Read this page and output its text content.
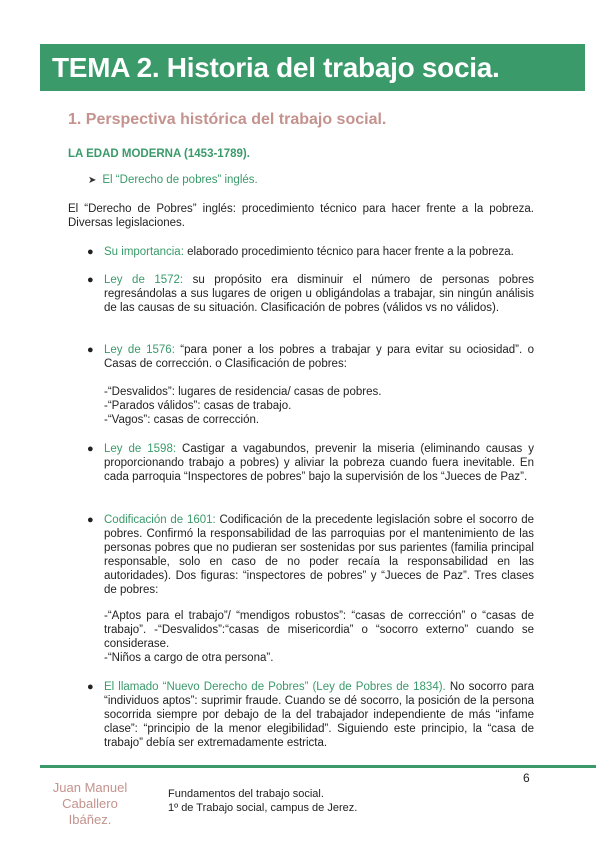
TEMA 2. Historia del trabajo socia.
1. Perspectiva histórica del trabajo social.
LA EDAD MODERNA (1453-1789).
➤ El “Derecho de pobres” inglés.

El “Derecho de Pobres” inglés: procedimiento técnico para hacer frente a la pobreza. Diversas legislaciones.

● Su importancia: elaborado procedimiento técnico para hacer frente a la pobreza.

● Ley de 1572: su propósito era disminuir el número de personas pobres regresándolas a sus lugares de origen u obligándolas a trabajar, sin ningún análisis de las causas de su situación. Clasificación de pobres (válidos vs no válidos).

● Ley de 1576: “para poner a los pobres a trabajar y para evitar su ociosidad”. o Casas de corrección. o Clasificación de pobres:

-“Desvalidos”: lugares de residencia/ casas de pobres.
-“Parados válidos”: casas de trabajo.
-“Vagos”: casas de corrección.

● Ley de 1598: Castigar a vagabundos, prevenir la miseria (eliminando causas y proporcionando trabajo a pobres) y aliviar la pobreza cuando fuera inevitable. En cada parroquia “Inspectores de pobres” bajo la supervisión de los “Jueces de Paz”.

● Codificación de 1601: Codificación de la precedente legislación sobre el socorro de pobres. Confirmó la responsabilidad de las parroquias por el mantenimiento de las personas pobres que no pudieran ser sostenidas por sus parientes (familia principal responsable, solo en caso de no poder recaía la responsabilidad en las autoridades). Dos figuras: “inspectores de pobres” y “Jueces de Paz”. Tres clases de pobres:

-“Aptos para el trabajo”/ “mendigos robustos”: “casas de corrección” o “casas de trabajo”. -“Desvalidos”:“casas de misericordia” o “socorro externo” cuando se considerase.
-“Niños a cargo de otra persona”.

● El llamado “Nuevo Derecho de Pobres” (Ley de Pobres de 1834). No socorro para “individuos aptos”: suprimir fraude. Cuando se dé socorro, la posición de la persona socorrida siempre por debajo de la del trabajador independiente de más “infame clase”: “principio de la menor elegibilidad”. Siguiendo este principio, la “casa de trabajo” debía ser extremadamente estricta.

6
Juan Manuel
Caballero
Ibáñez.
Fundamentos del trabajo social.
1º de Trabajo social, campus de Jerez.
